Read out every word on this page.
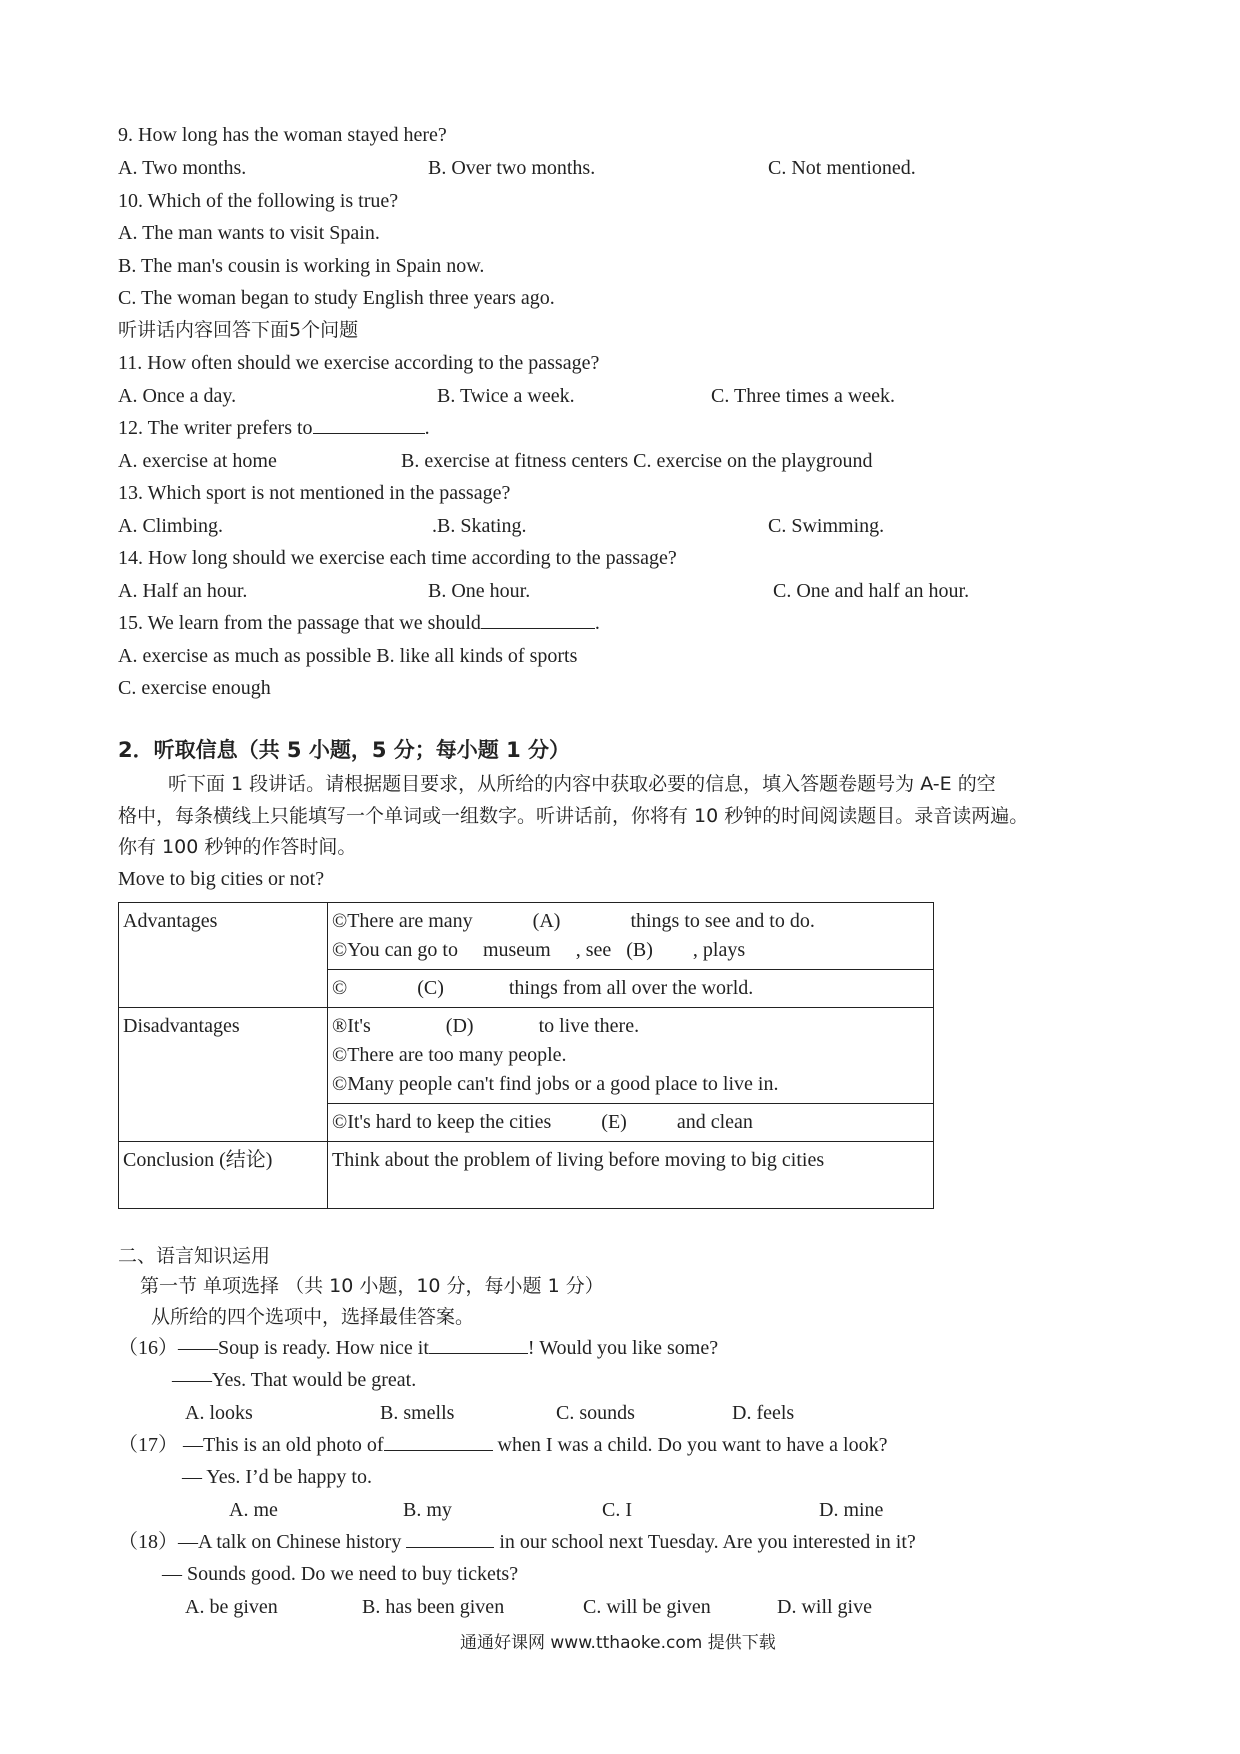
9. How long has the woman stayed here?
A. Two months.	B. Over two months.	C. Not mentioned.
10. Which of the following is true?
A. The man wants to visit Spain.
B. The man's cousin is working in Spain now.
C. The woman began to study English three years ago.
听讲话内容回答下面5个问题
11. How often should we exercise according to the passage?
A. Once a day.	B. Twice a week.	C. Three times a week.
12. The writer prefers to	.
A. exercise at home	B. exercise at fitness centers C. exercise on the playground
13. Which sport is not mentioned in the passage?
A. Climbing.	.B. Skating.	C. Swimming.
14. How long should we exercise each time according to the passage?
A. Half an hour.	B. One hour.	C. One and half an hour.
15. We learn from the passage that we should	.
A. exercise as much as possible B. like all kinds of sports
C. exercise enough
2．听取信息（共 5 小题，5 分；每小题 1 分）
听下面 1 段讲话。请根据题目要求，从所给的内容中获取必要的信息，填入答题卷题号为 A-E 的空
格中，每条横线上只能填写一个单词或一组数字。听讲话前，你将有 10 秒钟的时间阅读题目。录音读两遍。
你有 100 秒钟的作答时间。
Move to big cities or not?
Advantages	©There are many            (A)              things to see and to do.
©You can go to     museum     , see   (B)        , plays

	©              (C)             things from all over the world.
Disadvantages	®It's               (D)             to live there.
©There are too many people.
©Many people can't find jobs or a good place to live in.

	©It's hard to keep the cities          (E)          and clean
Conclusion (结论)	Think about the problem of living before moving to big cities
二、语言知识运用
第一节 单项选择 （共 10 小题，10 分，每小题 1 分）
从所给的四个选项中，选择最佳答案。
（16）——Soup is ready. How nice it	! Would you like some?
——Yes. That would be great.
A. looks	B. smells	C. sounds	D. feels
（17） —This is an old photo of	when I was a child. Do you want to have a look?
— Yes. I’d be happy to.
A. me	B. my	C. I	D. mine
（18）—A talk on Chinese history	in our school next Tuesday. Are you interested in it?
— Sounds good. Do we need to buy tickets?
A. be given	B. has been given	C. will be given	D. will give
通通好课网 www.tthaoke.com 提供下载
